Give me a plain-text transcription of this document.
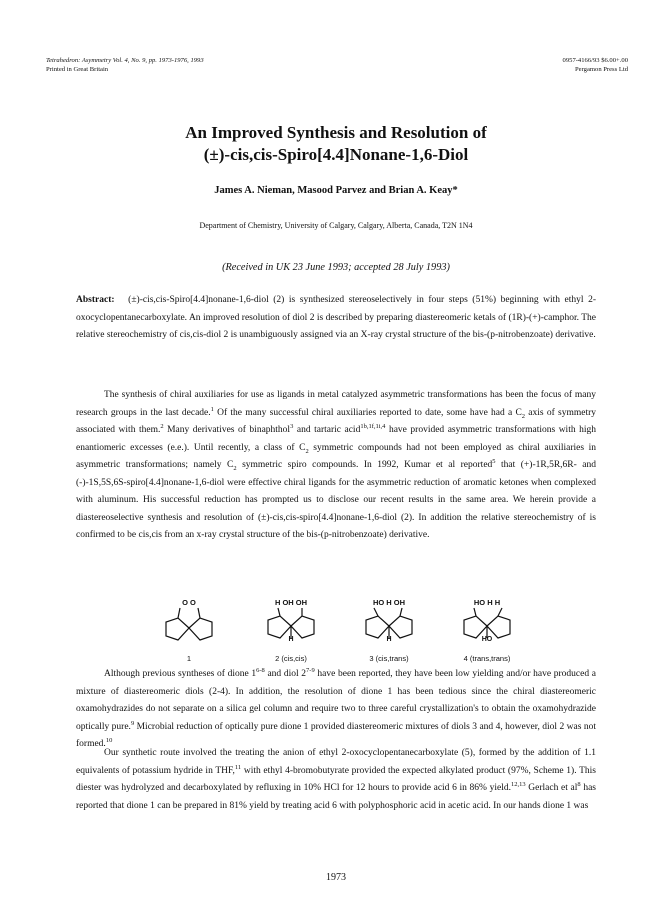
Tetrahedron: Asymmetry Vol. 4, No. 9, pp. 1973-1976, 1993
Printed in Great Britain
0957-4166/93 $6.00+.00
Pergamon Press Ltd
An Improved Synthesis and Resolution of
(±)-cis,cis-Spiro[4.4]Nonane-1,6-Diol
James A. Nieman, Masood Parvez and Brian A. Keay*
Department of Chemistry, University of Calgary, Calgary, Alberta, Canada, T2N 1N4
(Received in UK 23 June 1993; accepted 28 July 1993)
Abstract: (±)-cis,cis-Spiro[4.4]nonane-1,6-diol (2) is synthesized stereoselectively in four steps (51%) beginning with ethyl 2-oxocyclopentanecarboxylate. An improved resolution of diol 2 is described by preparing diastereomeric ketals of (1R)-(+)-camphor. The relative stereochemistry of cis,cis-diol 2 is unambiguously assigned via an X-ray crystal structure of the bis-(p-nitrobenzoate) derivative.

The synthesis of chiral auxiliaries for use as ligands in metal catalyzed asymmetric transformations has been the focus of many research groups in the last decade.$^1$ Of the many successful chiral auxiliaries reported to date, some have had a $C_2$ axis of symmetry associated with them.$^2$ Many derivatives of binaphthol$^3$ and tartaric acid$^{1b,1f,1i,4}$ have provided asymmetric transformations with high enantiomeric excesses (e.e.). Until recently, a class of $C_2$ symmetric compounds had not been employed as chiral auxiliaries in asymmetric transformations; namely $C_2$ symmetric spiro compounds. In 1992, Kumar et al reported$^5$ that (+)-1R,5R,6R- and (-)-1S,5S,6S-spiro[4.4]nonane-1,6-diol were effective chiral ligands for the asymmetric reduction of aromatic ketones when complexed with aluminum. His successful reduction has prompted us to disclose our recent results in the same area. We herein provide a diastereoselective synthesis and resolution of (±)-cis,cis-spiro[4.4]nonane-1,6-diol (2). In addition the relative stereochemistry of is confirmed to be cis,cis from an x-ray crystal structure of the bis-(p-nitrobenzoate) derivative.

O O
1
H OH OH
H
2 (cis,cis)
HO H OH
H
3 (cis,trans)
HO H H
HO
4 (trans,trans)

Although previous syntheses of dione 1$^{6-8}$ and diol 2$^{7-9}$ have been reported, they have been low yielding and/or have produced a mixture of diastereomeric diols (2-4). In addition, the resolution of dione 1 has been tedious since the chiral diastereomeric oxamohydrazides do not separate on a silica gel column and require two to three careful crystallization's to obtain the oxamohydrazide optically pure.$^9$ Microbial reduction of optically pure dione 1 provided diastereomeric mixtures of diols 3 and 4, however, diol 2 was not formed.$^{10}$

Our synthetic route involved the treating the anion of ethyl 2-oxocyclopentanecarboxylate (5), formed by the addition of 1.1 equivalents of potassium hydride in THF,$^{11}$ with ethyl 4-bromobutyrate provided the expected alkylated product (97%, Scheme 1). This diester was hydrolyzed and decarboxylated by refluxing in 10% HCl for 12 hours to provide acid 6 in 86% yield.$^{12,13}$ Gerlach et $al^8$ has reported that dione 1 can be prepared in 81% yield by treating acid 6 with polyphosphoric acid in acetic acid. In our hands dione 1 was

1973
